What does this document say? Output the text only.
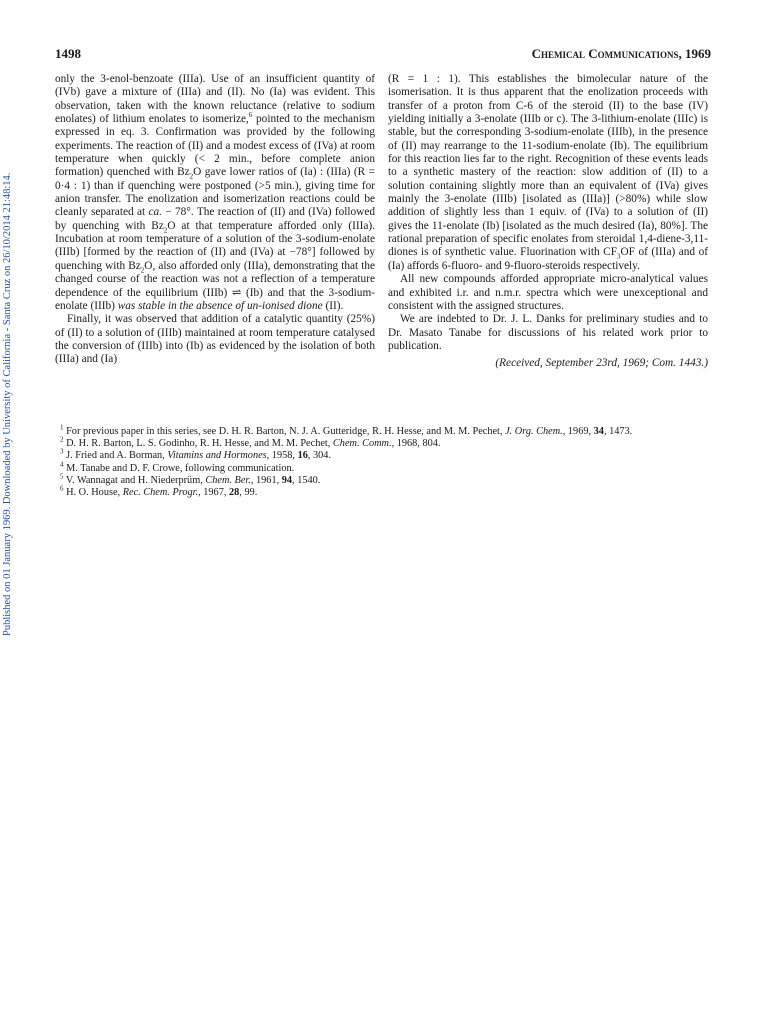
Published on 01 January 1969. Downloaded by University of California - Santa Cruz on 26/10/2014 21:48:14.
1498	Chemical Communications, 1969

only the 3-enol-benzoate (IIIa). Use of an insufficient quantity of (IVb) gave a mixture of (IIIa) and (II). No (Ia) was evident. This observation, taken with the known reluctance (relative to sodium enolates) of lithium enolates to isomerize,$^6$ pointed to the mechanism expressed in eq. 3. Confirmation was provided by the following experiments. The reaction of (II) and a modest excess of (IVa) at room temperature when quickly (< 2 min., before complete anion formation) quenched with $Bz_2O$ gave lower ratios of (Ia) : (IIIa) (R = 0·4 : 1) than if quenching were postponed (>5 min.), giving time for anion transfer. The enolization and isomerization reactions could be cleanly separated at ca. − 78°. The reaction of (II) and (IVa) followed by quenching with $Bz_2O$ at that temperature afforded only (IIIa). Incubation at room temperature of a solution of the 3-sodium-enolate (IIIb) [formed by the reaction of (II) and (IVa) at −78°] followed by quenching with $Bz_2O$, also afforded only (IIIa), demonstrating that the changed course of the reaction was not a reflection of a temperature dependence of the equilibrium (IIIb) ⇌ (Ib) and that the 3-sodium-enolate (IIIb) was stable in the absence of un-ionised dione (II).

Finally, it was observed that addition of a catalytic quantity (25%) of (II) to a solution of (IIIb) maintained at room temperature catalysed the conversion of (IIIb) into (Ib) as evidenced by the isolation of both (IIIa) and (Ia)

(R = 1 : 1). This establishes the bimolecular nature of the isomerisation. It is thus apparent that the enolization proceeds with transfer of a proton from C-6 of the steroid (II) to the base (IV) yielding initially a 3-enolate (IIIb or c). The 3-lithium-enolate (IIIc) is stable, but the corresponding 3-sodium-enolate (IIIb), in the presence of (II) may rearrange to the 11-sodium-enolate (Ib). The equilibrium for this reaction lies far to the right. Recognition of these events leads to a synthetic mastery of the reaction: slow addition of (II) to a solution containing slightly more than an equivalent of (IVa) gives mainly the 3-enolate (IIIb) [isolated as (IIIa)] (>80%) while slow addition of slightly less than 1 equiv. of (IVa) to a solution of (II) gives the 11-enolate (Ib) [isolated as the much desired (Ia), 80%]. The rational preparation of specific enolates from steroidal 1,4-diene-3,11-diones is of synthetic value. Fluorination with $CF_3OF$ of (IIIa) and of (Ia) affords 6-fluoro- and 9-fluoro-steroids respectively.

All new compounds afforded appropriate micro-analytical values and exhibited i.r. and n.m.r. spectra which were unexceptional and consistent with the assigned structures.

We are indebted to Dr. J. L. Danks for preliminary studies and to Dr. Masato Tanabe for discussions of his related work prior to publication.

(Received, September 23rd, 1969; Com. 1443.)

$^1$ For previous paper in this series, see D. H. R. Barton, N. J. A. Gutteridge, R. H. Hesse, and M. M. Pechet, J. Org. Chem., 1969, 34, 1473.

$^2$ D. H. R. Barton, L. S. Godinho, R. H. Hesse, and M. M. Pechet, Chem. Comm., 1968, 804.

$^3$ J. Fried and A. Borman, Vitamins and Hormones, 1958, 16, 304.

$^4$ M. Tanabe and D. F. Crowe, following communication.

$^5$ V. Wannagat and H. Niederprüm, Chem. Ber., 1961, 94, 1540.

$^6$ H. O. House, Rec. Chem. Progr., 1967, 28, 99.
